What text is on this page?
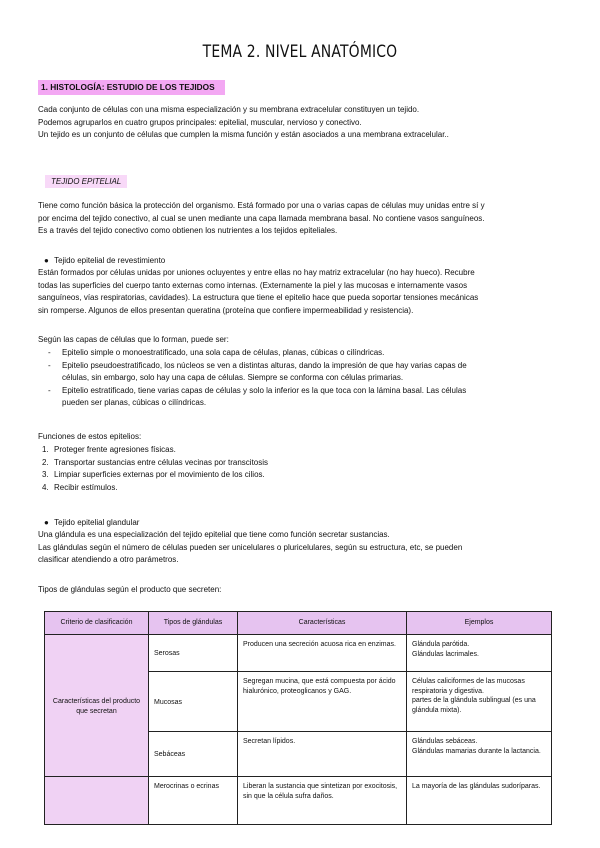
TEMA 2. NIVEL ANATÓMICO
1. HISTOLOGÍA: ESTUDIO DE LOS TEJIDOS
Cada conjunto de células con una misma especialización y su membrana extracelular constituyen un tejido.
Podemos agruparlos en cuatro grupos principales: epitelial, muscular, nervioso y conectivo.
Un tejido es un conjunto de células que cumplen la misma función y están asociados a una membrana extracelular..
TEJIDO EPITELIAL
Tiene como función básica la protección del organismo. Está formado por una o varias capas de células muy unidas entre sí y
por encima del tejido conectivo, al cual se unen mediante una capa llamada membrana basal. No contiene vasos sanguíneos.
Es a través del tejido conectivo como obtienen los nutrientes a los tejidos epiteliales.
● Tejido epitelial de revestimiento
Están formados por células unidas por uniones ocluyentes y entre ellas no hay matriz extracelular (no hay hueco). Recubre
todas las superficies del cuerpo tanto externas como internas. (Externamente la piel y las mucosas e internamente vasos
sanguíneos, vías respiratorias, cavidades). La estructura que tiene el epitelio hace que pueda soportar tensiones mecánicas
sin romperse. Algunos de ellos presentan queratina (proteína que confiere impermeabilidad y resistencia).
Según las capas de células que lo forman, puede ser:
- Epitelio simple o monoestratificado, una sola capa de células, planas, cúbicas o cilíndricas.
- Epitelio pseudoestratificado, los núcleos se ven a distintas alturas, dando la impresión de que hay varias capas de
células, sin embargo, solo hay una capa de células. Siempre se conforma con células primarias.
- Epitelio estratificado, tiene varias capas de células y solo la inferior es la que toca con la lámina basal. Las células
pueden ser planas, cúbicas o cilíndricas.
Funciones de estos epitelios:
1. Proteger frente agresiones físicas.
2. Transportar sustancias entre células vecinas por transcitosis
3. Limpiar superficies externas por el movimiento de los cilios.
4. Recibir estímulos.
● Tejido epitelial glandular
Una glándula es una especialización del tejido epitelial que tiene como función secretar sustancias.
Las glándulas según el número de células pueden ser unicelulares o pluricelulares, según su estructura, etc, se pueden
clasificar atendiendo a otro parámetros.
Tipos de glándulas según el producto que secreten:
Criterio de clasificación	Tipos de glándulas	Características	Ejemplos
Características del producto que secretan	Serosas	Producen una secreción acuosa rica en enzimas.	Glándula parótida.
Glándulas lacrimales.

	Mucosas	Segregan mucina, que está compuesta por ácido hialurónico, proteoglicanos y GAG.	Células caliciformes de las mucosas respiratoria y digestiva.
partes de la glándula sublingual (es una glándula mixta).

	Sebáceas	Secretan lípidos.	Glándulas sebáceas.
Glándulas mamarias durante la lactancia.

	Merocrinas o ecrinas	Liberan la sustancia que sintetizan por exocitosis, sin que la célula sufra daños.	La mayoría de las glándulas sudoríparas.
